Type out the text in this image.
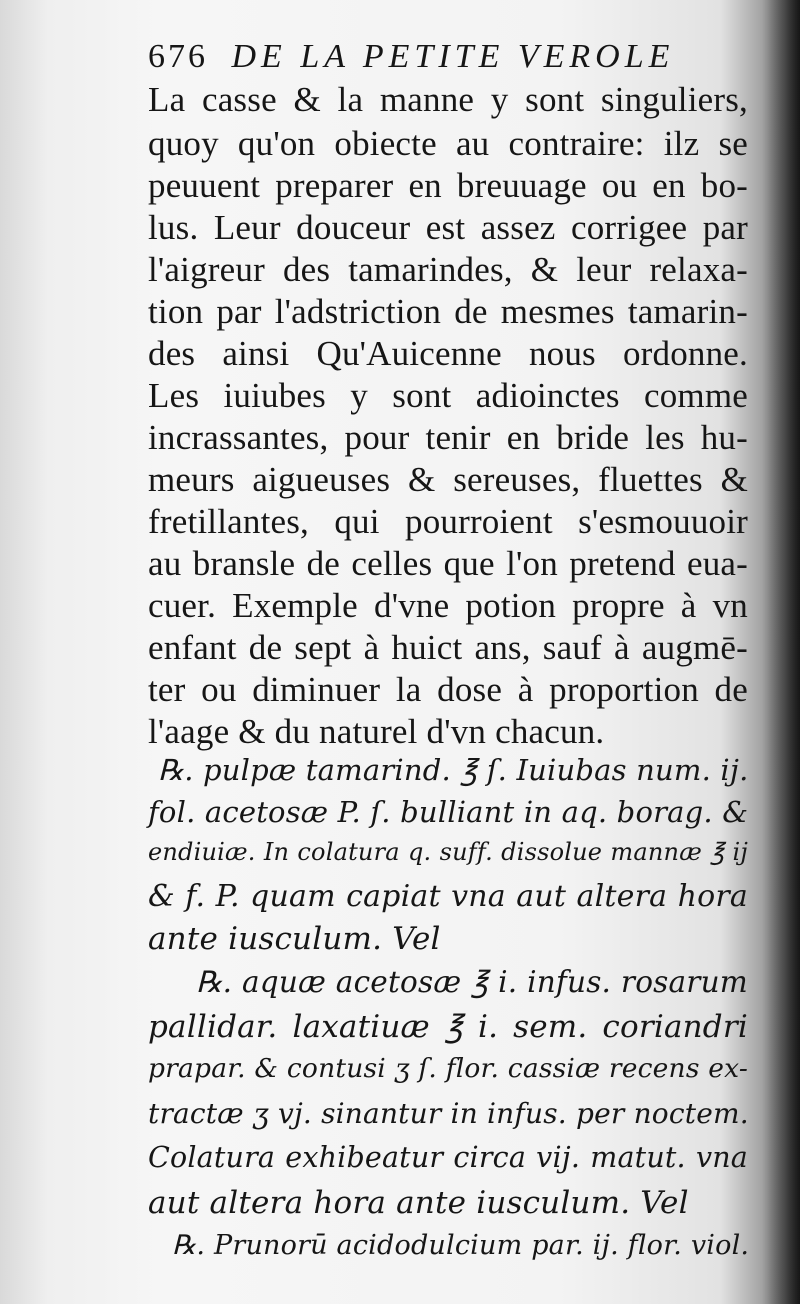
676 DE LA PETITE VEROLE
La casse & la manne y sont singuliers,
quoy qu'on obiecte au contraire: ilz se
peuuent preparer en breuuage ou en bo-
lus. Leur douceur est assez corrigee par
l'aigreur des tamarindes, & leur relaxa-
tion par l'adstriction de mesmes tamarin-
des ainsi Qu'Auicenne nous ordonne.
Les iuiubes y sont adioinctes comme
incrassantes, pour tenir en bride les hu-
meurs aigueuses & sereuses, fluettes &
fretillantes, qui pourroient s'esmouuoir
au bransle de celles que l'on pretend eua-
cuer. Exemple d'vne potion propre à vn
enfant de sept à huict ans, sauf à augmē-
ter ou diminuer la dose à proportion de
l'aage & du naturel d'vn chacun.
℞. pulpæ tamarind. ℥ ſ. Iuiubas num. ij.
fol. acetosæ P. ſ. bulliant in aq. borag. &
endiuiæ. In colatura q. suff. dissolue mannæ ℥ ij
& f. P. quam capiat vna aut altera hora
ante iusculum. Vel
℞. aquæ acetosæ ℥ i. infus. rosarum
pallidar. laxatiuæ ℥ i. sem. coriandri
prapar. & contusi ʒ ſ. flor. cassiæ recens ex-
tractæ ʒ vj. sinantur in infus. per noctem.
Colatura exhibeatur circa vij. matut. vna
aut altera hora ante iusculum. Vel
℞. Prunorū acidodulcium par. ij. flor. viol.
